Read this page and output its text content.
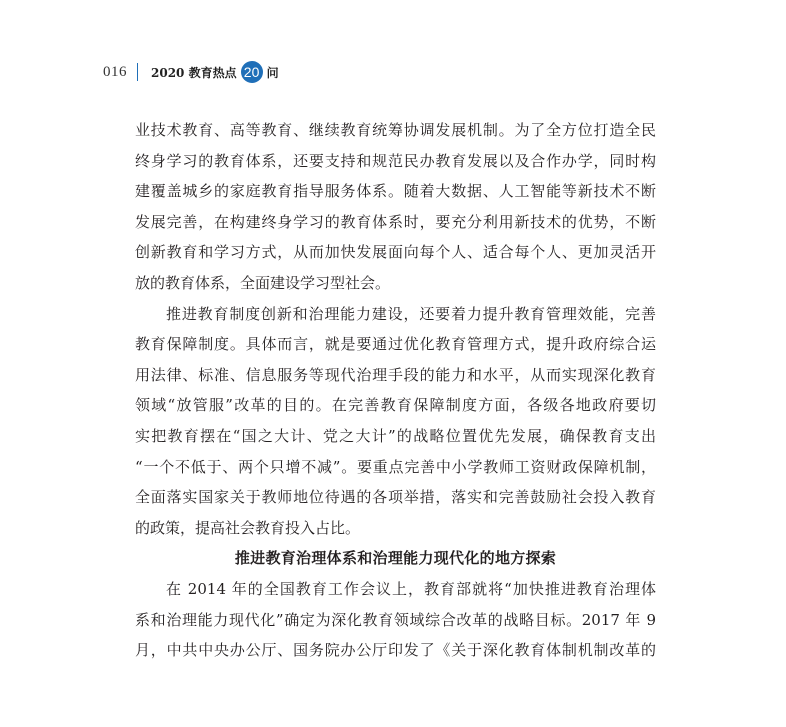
016 2020 教育热点 20 问
业技术教育、高等教育、继续教育统筹协调发展机制。为了全方位打造全民
终身学习的教育体系，还要支持和规范民办教育发展以及合作办学，同时构
建覆盖城乡的家庭教育指导服务体系。随着大数据、人工智能等新技术不断
发展完善，在构建终身学习的教育体系时，要充分利用新技术的优势，不断
创新教育和学习方式，从而加快发展面向每个人、适合每个人、更加灵活开
放的教育体系，全面建设学习型社会。
推进教育制度创新和治理能力建设，还要着力提升教育管理效能，完善
教育保障制度。具体而言，就是要通过优化教育管理方式，提升政府综合运
用法律、标准、信息服务等现代治理手段的能力和水平，从而实现深化教育
领域“放管服”改革的目的。在完善教育保障制度方面，各级各地政府要切
实把教育摆在“国之大计、党之大计”的战略位置优先发展，确保教育支出
“一个不低于、两个只增不减”。要重点完善中小学教师工资财政保障机制，
全面落实国家关于教师地位待遇的各项举措，落实和完善鼓励社会投入教育
的政策，提高社会教育投入占比。
推进教育治理体系和治理能力现代化的地方探索
在 2014 年的全国教育工作会议上，教育部就将“加快推进教育治理体
系和治理能力现代化”确定为深化教育领域综合改革的战略目标。2017 年 9
月，中共中央办公厅、国务院办公厅印发了《关于深化教育体制机制改革的
